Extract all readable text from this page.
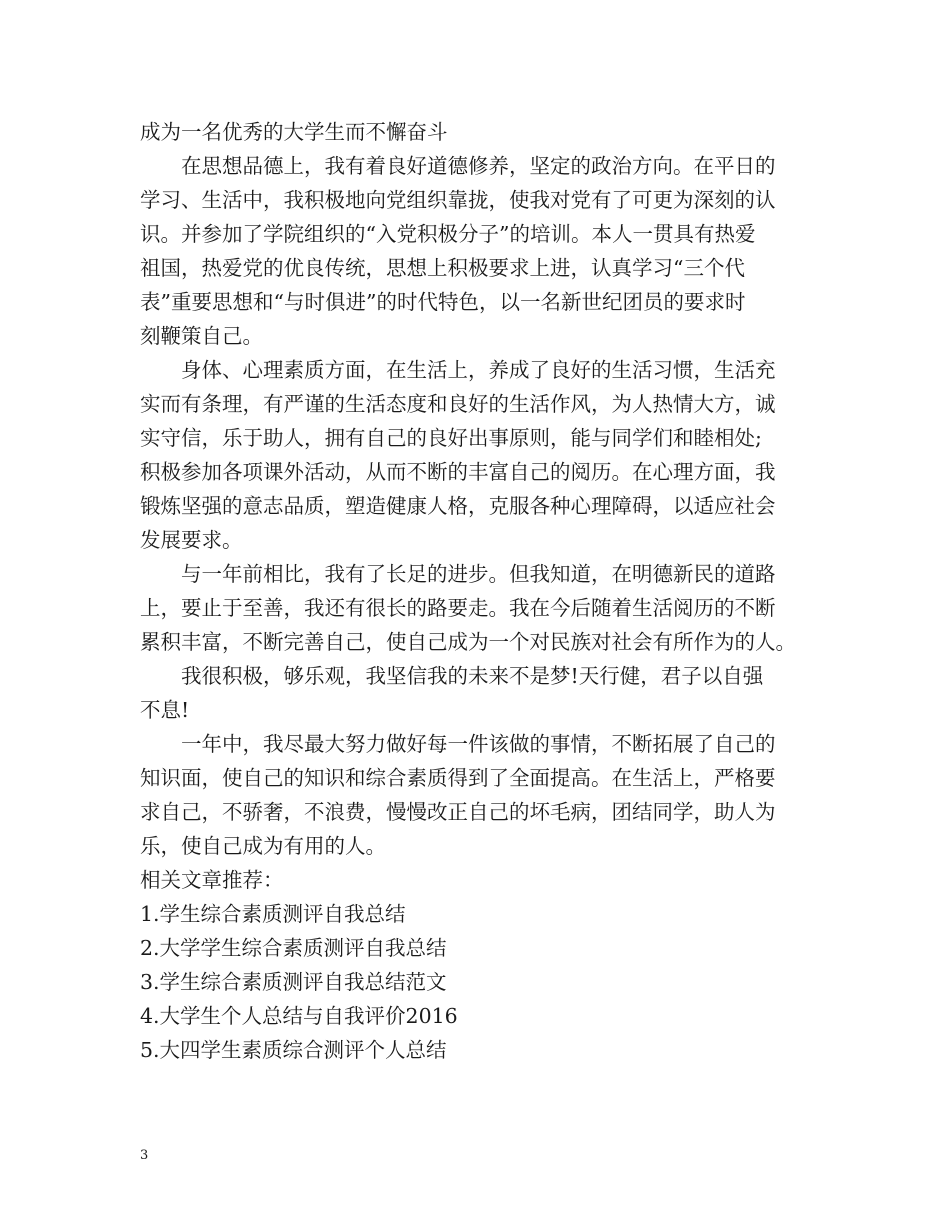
成为一名优秀的大学生而不懈奋斗
在思想品德上，我有着良好道德修养，坚定的政治方向。在平日的
学习、生活中，我积极地向党组织靠拢，使我对党有了可更为深刻的认
识。并参加了学院组织的“入党积极分子”的培训。本人一贯具有热爱
祖国，热爱党的优良传统，思想上积极要求上进，认真学习“三个代
表”重要思想和“与时俱进”的时代特色，以一名新世纪团员的要求时
刻鞭策自己。
身体、心理素质方面，在生活上，养成了良好的生活习惯，生活充
实而有条理，有严谨的生活态度和良好的生活作风，为人热情大方，诚
实守信，乐于助人，拥有自己的良好出事原则，能与同学们和睦相处;
积极参加各项课外活动，从而不断的丰富自己的阅历。在心理方面，我
锻炼坚强的意志品质，塑造健康人格，克服各种心理障碍，以适应社会
发展要求。
与一年前相比，我有了长足的进步。但我知道，在明德新民的道路
上，要止于至善，我还有很长的路要走。我在今后随着生活阅历的不断
累积丰富，不断完善自己，使自己成为一个对民族对社会有所作为的人。
我很积极，够乐观，我坚信我的未来不是梦!天行健，君子以自强
不息!
一年中，我尽最大努力做好每一件该做的事情，不断拓展了自己的
知识面，使自己的知识和综合素质得到了全面提高。在生活上，严格要
求自己，不骄奢，不浪费，慢慢改正自己的坏毛病，团结同学，助人为
乐，使自己成为有用的人。
相关文章推荐：
1.学生综合素质测评自我总结
2.大学学生综合素质测评自我总结
3.学生综合素质测评自我总结范文
4.大学生个人总结与自我评价2016
5.大四学生素质综合测评个人总结
3
